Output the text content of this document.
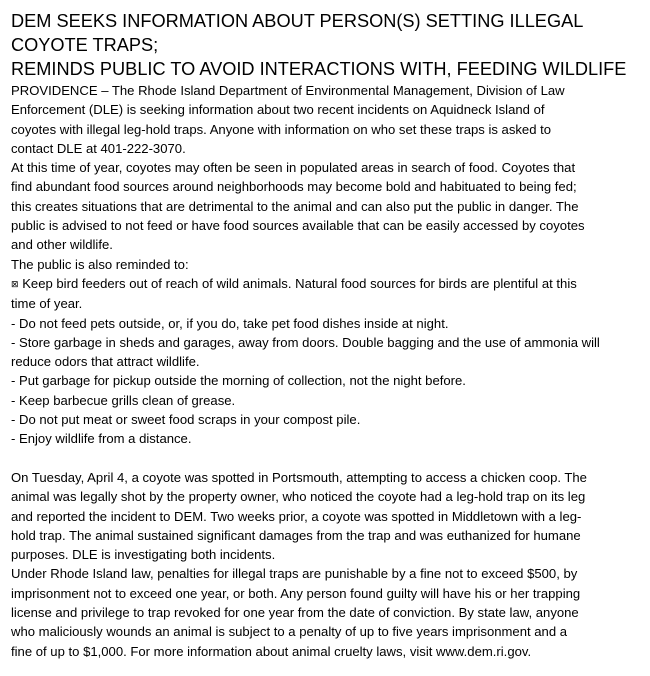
DEM SEEKS INFORMATION ABOUT PERSON(S) SETTING ILLEGAL
COYOTE TRAPS;
REMINDS PUBLIC TO AVOID INTERACTIONS WITH, FEEDING WILDLIFE

PROVIDENCE – The Rhode Island Department of Environmental Management, Division of Law
Enforcement (DLE) is seeking information about two recent incidents on Aquidneck Island of
coyotes with illegal leg-hold traps. Anyone with information on who set these traps is asked to
contact DLE at 401-222-3070.

At this time of year, coyotes may often be seen in populated areas in search of food. Coyotes that
find abundant food sources around neighborhoods may become bold and habituated to being fed;
this creates situations that are detrimental to the animal and can also put the public in danger. The
public is advised to not feed or have food sources available that can be easily accessed by coyotes
and other wildlife.

The public is also reminded to:

⊠ Keep bird feeders out of reach of wild animals. Natural food sources for birds are plentiful at this
time of year.
- Do not feed pets outside, or, if you do, take pet food dishes inside at night.
- Store garbage in sheds and garages, away from doors. Double bagging and the use of ammonia will
reduce odors that attract wildlife.
- Put garbage for pickup outside the morning of collection, not the night before.
- Keep barbecue grills clean of grease.
- Do not put meat or sweet food scraps in your compost pile.
- Enjoy wildlife from a distance.

On Tuesday, April 4, a coyote was spotted in Portsmouth, attempting to access a chicken coop. The
animal was legally shot by the property owner, who noticed the coyote had a leg-hold trap on its leg
and reported the incident to DEM. Two weeks prior, a coyote was spotted in Middletown with a leg-
hold trap. The animal sustained significant damages from the trap and was euthanized for humane
purposes. DLE is investigating both incidents.

Under Rhode Island law, penalties for illegal traps are punishable by a fine not to exceed $500, by
imprisonment not to exceed one year, or both. Any person found guilty will have his or her trapping
license and privilege to trap revoked for one year from the date of conviction. By state law, anyone
who maliciously wounds an animal is subject to a penalty of up to five years imprisonment and a
fine of up to $1,000. For more information about animal cruelty laws, visit www.dem.ri.gov.
